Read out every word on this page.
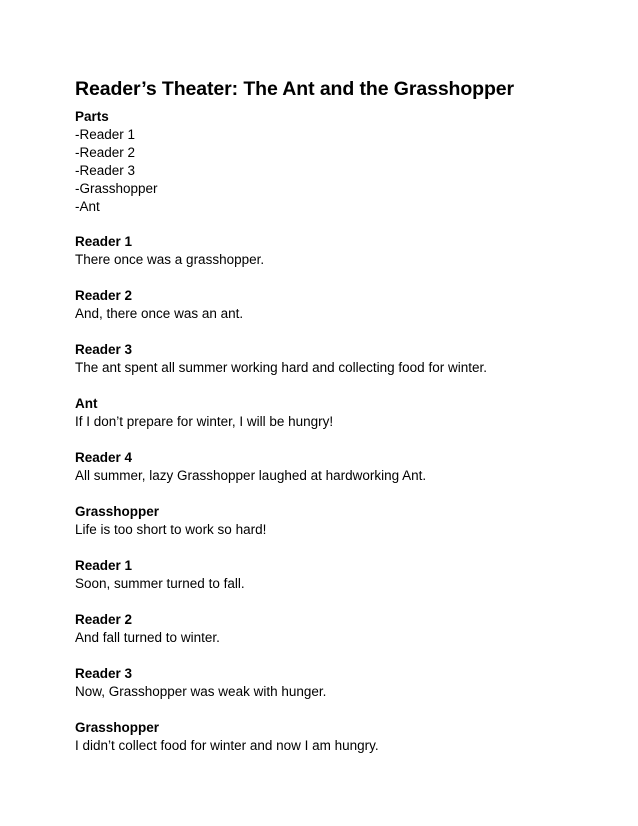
Reader’s Theater: The Ant and the Grasshopper

Parts

-Reader 1
-Reader 2
-Reader 3
-Grasshopper
-Ant
Reader 1
There once was a grasshopper.
Reader 2
And, there once was an ant.
Reader 3
The ant spent all summer working hard and collecting food for winter.
Ant
If I don’t prepare for winter, I will be hungry!
Reader 4
All summer, lazy Grasshopper laughed at hardworking Ant.
Grasshopper
Life is too short to work so hard!
Reader 1
Soon, summer turned to fall.
Reader 2
And fall turned to winter.
Reader 3
Now, Grasshopper was weak with hunger.
Grasshopper
I didn’t collect food for winter and now I am hungry.
